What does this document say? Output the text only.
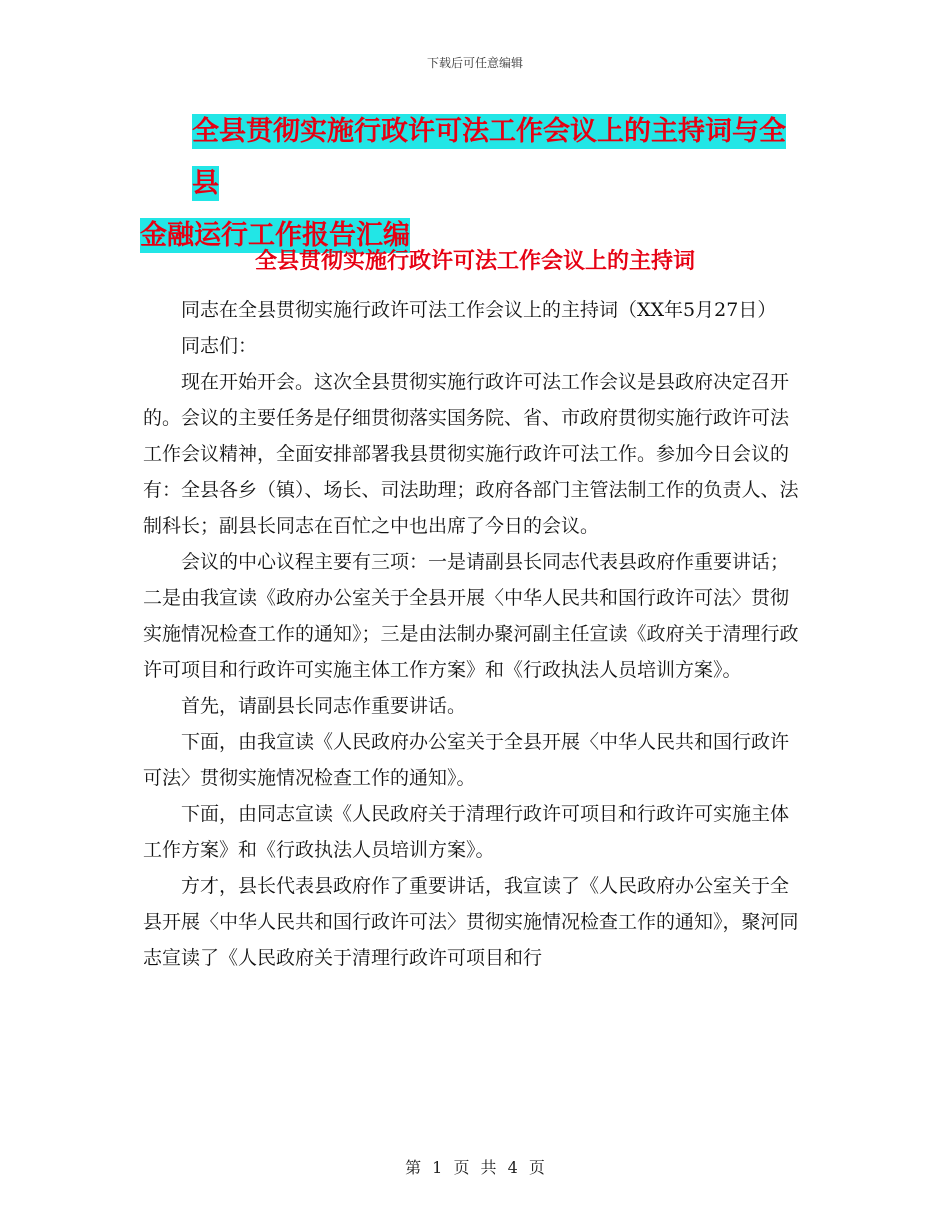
下载后可任意编辑
全县贯彻实施行政许可法工作会议上的主持词与全县
金融运行工作报告汇编
全县贯彻实施行政许可法工作会议上的主持词

同志在全县贯彻实施行政许可法工作会议上的主持词（XX年5月27日）

同志们：

现在开始开会。这次全县贯彻实施行政许可法工作会议是县政府决定召开的。会议的主要任务是仔细贯彻落实国务院、省、市政府贯彻实施行政许可法工作会议精神，全面安排部署我县贯彻实施行政许可法工作。参加今日会议的有：全县各乡（镇）、场长、司法助理；政府各部门主管法制工作的负责人、法制科长；副县长同志在百忙之中也出席了今日的会议。

会议的中心议程主要有三项：一是请副县长同志代表县政府作重要讲话；二是由我宣读《政府办公室关于全县开展〈中华人民共和国行政许可法〉贯彻实施情况检查工作的通知》；三是由法制办聚河副主任宣读《政府关于清理行政许可项目和行政许可实施主体工作方案》和《行政执法人员培训方案》。

首先，请副县长同志作重要讲话。

下面，由我宣读《人民政府办公室关于全县开展〈中华人民共和国行政许可法〉贯彻实施情况检查工作的通知》。

下面，由同志宣读《人民政府关于清理行政许可项目和行政许可实施主体工作方案》和《行政执法人员培训方案》。

方才，县长代表县政府作了重要讲话，我宣读了《人民政府办公室关于全县开展〈中华人民共和国行政许可法〉贯彻实施情况检查工作的通知》，聚河同志宣读了《人民政府关于清理行政许可项目和行

第 1 页 共 4 页
